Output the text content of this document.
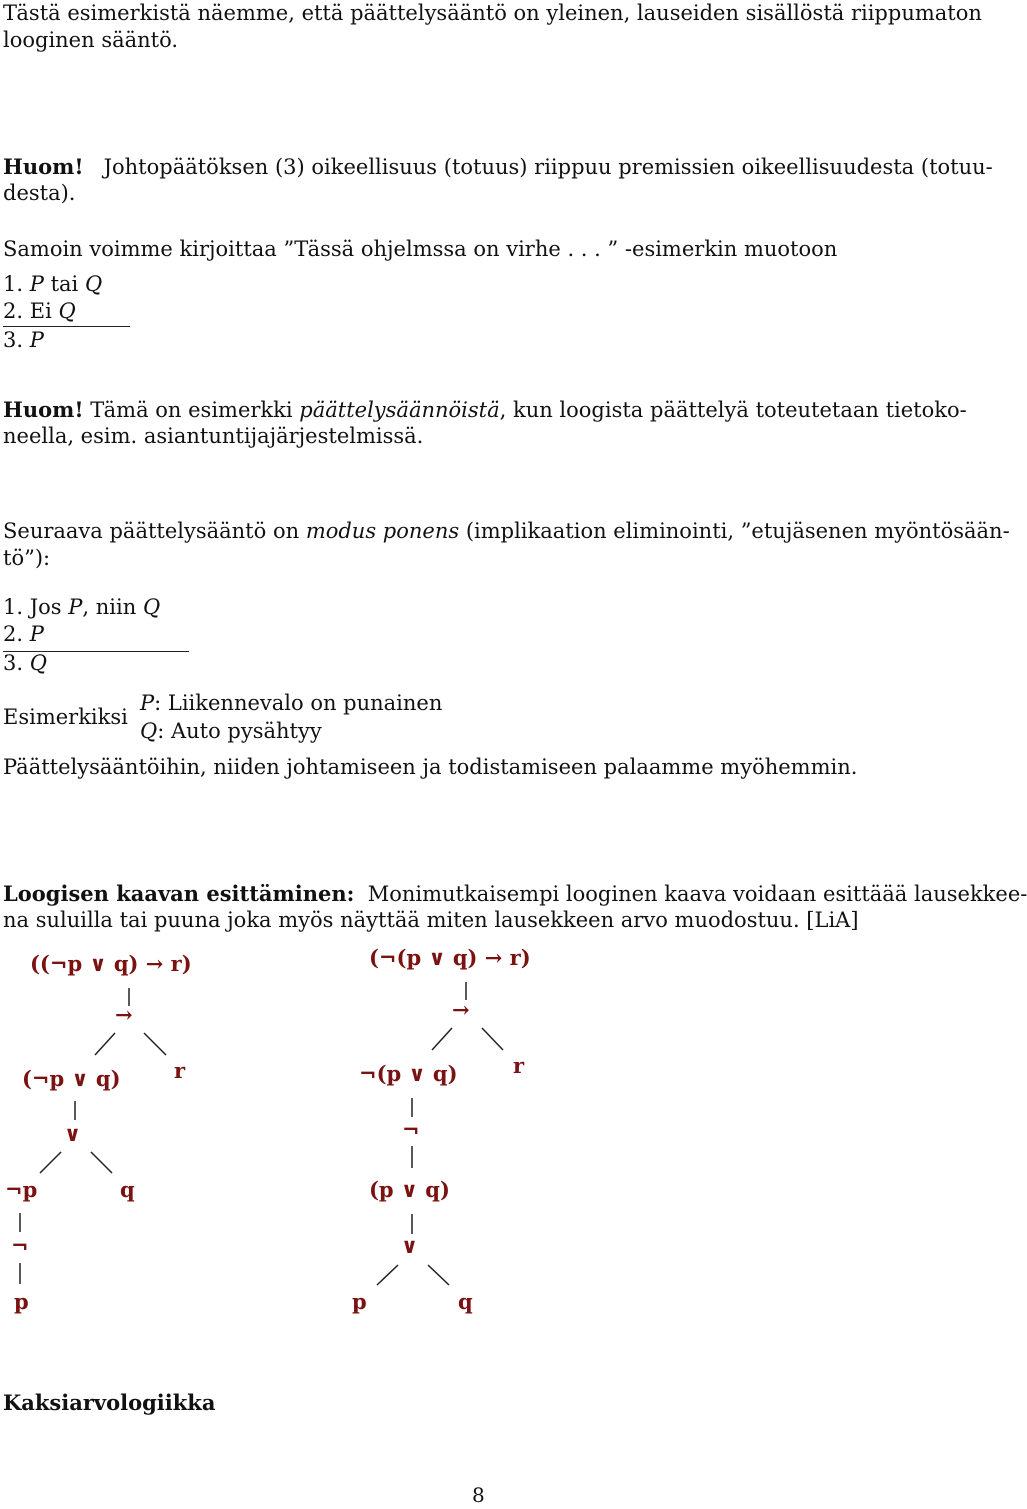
Tästä esimerkistä näemme, että päättelysääntö on yleinen, lauseiden sisällöstä riippumaton
looginen sääntö.
Huom! Johtopäätöksen (3) oikeellisuus (totuus) riippuu premissien oikeellisuudesta (totuu-
desta).
Samoin voimme kirjoittaa ”Tässä ohjelmssa on virhe . . . ” -esimerkin muotoon
1. P tai Q
2. Ei Q
3. P
Huom! Tämä on esimerkki päättelysäännöistä, kun loogista päättelyä toteutetaan tietoko-
neella, esim. asiantuntijajärjestelmissä.
Seuraava päättelysääntö on modus ponens (implikaation eliminointi, ”etujäsenen myöntösään-
tö”):
1. Jos P, niin Q
2. P
3. Q
Esimerkiksi
P: Liikennevalo on punainen
Q: Auto pysähtyy
Päättelysääntöihin, niiden johtamiseen ja todistamiseen palaamme myöhemmin.
Loogisen kaavan esittäminen: Monimutkaisempi looginen kaava voidaan esittäää lausekkee-
na suluilla tai puuna joka myös näyttää miten lausekkeen arvo muodostuu. [LiA]
((¬p ∨ q) → r)
→
(¬p ∨ q)	r
∨
¬p	q
¬
p
(¬(p ∨ q) → r)
→
¬(p ∨ q)	r
¬
(p ∨ q)
∨
p	q
Kaksiarvologiikka
8
